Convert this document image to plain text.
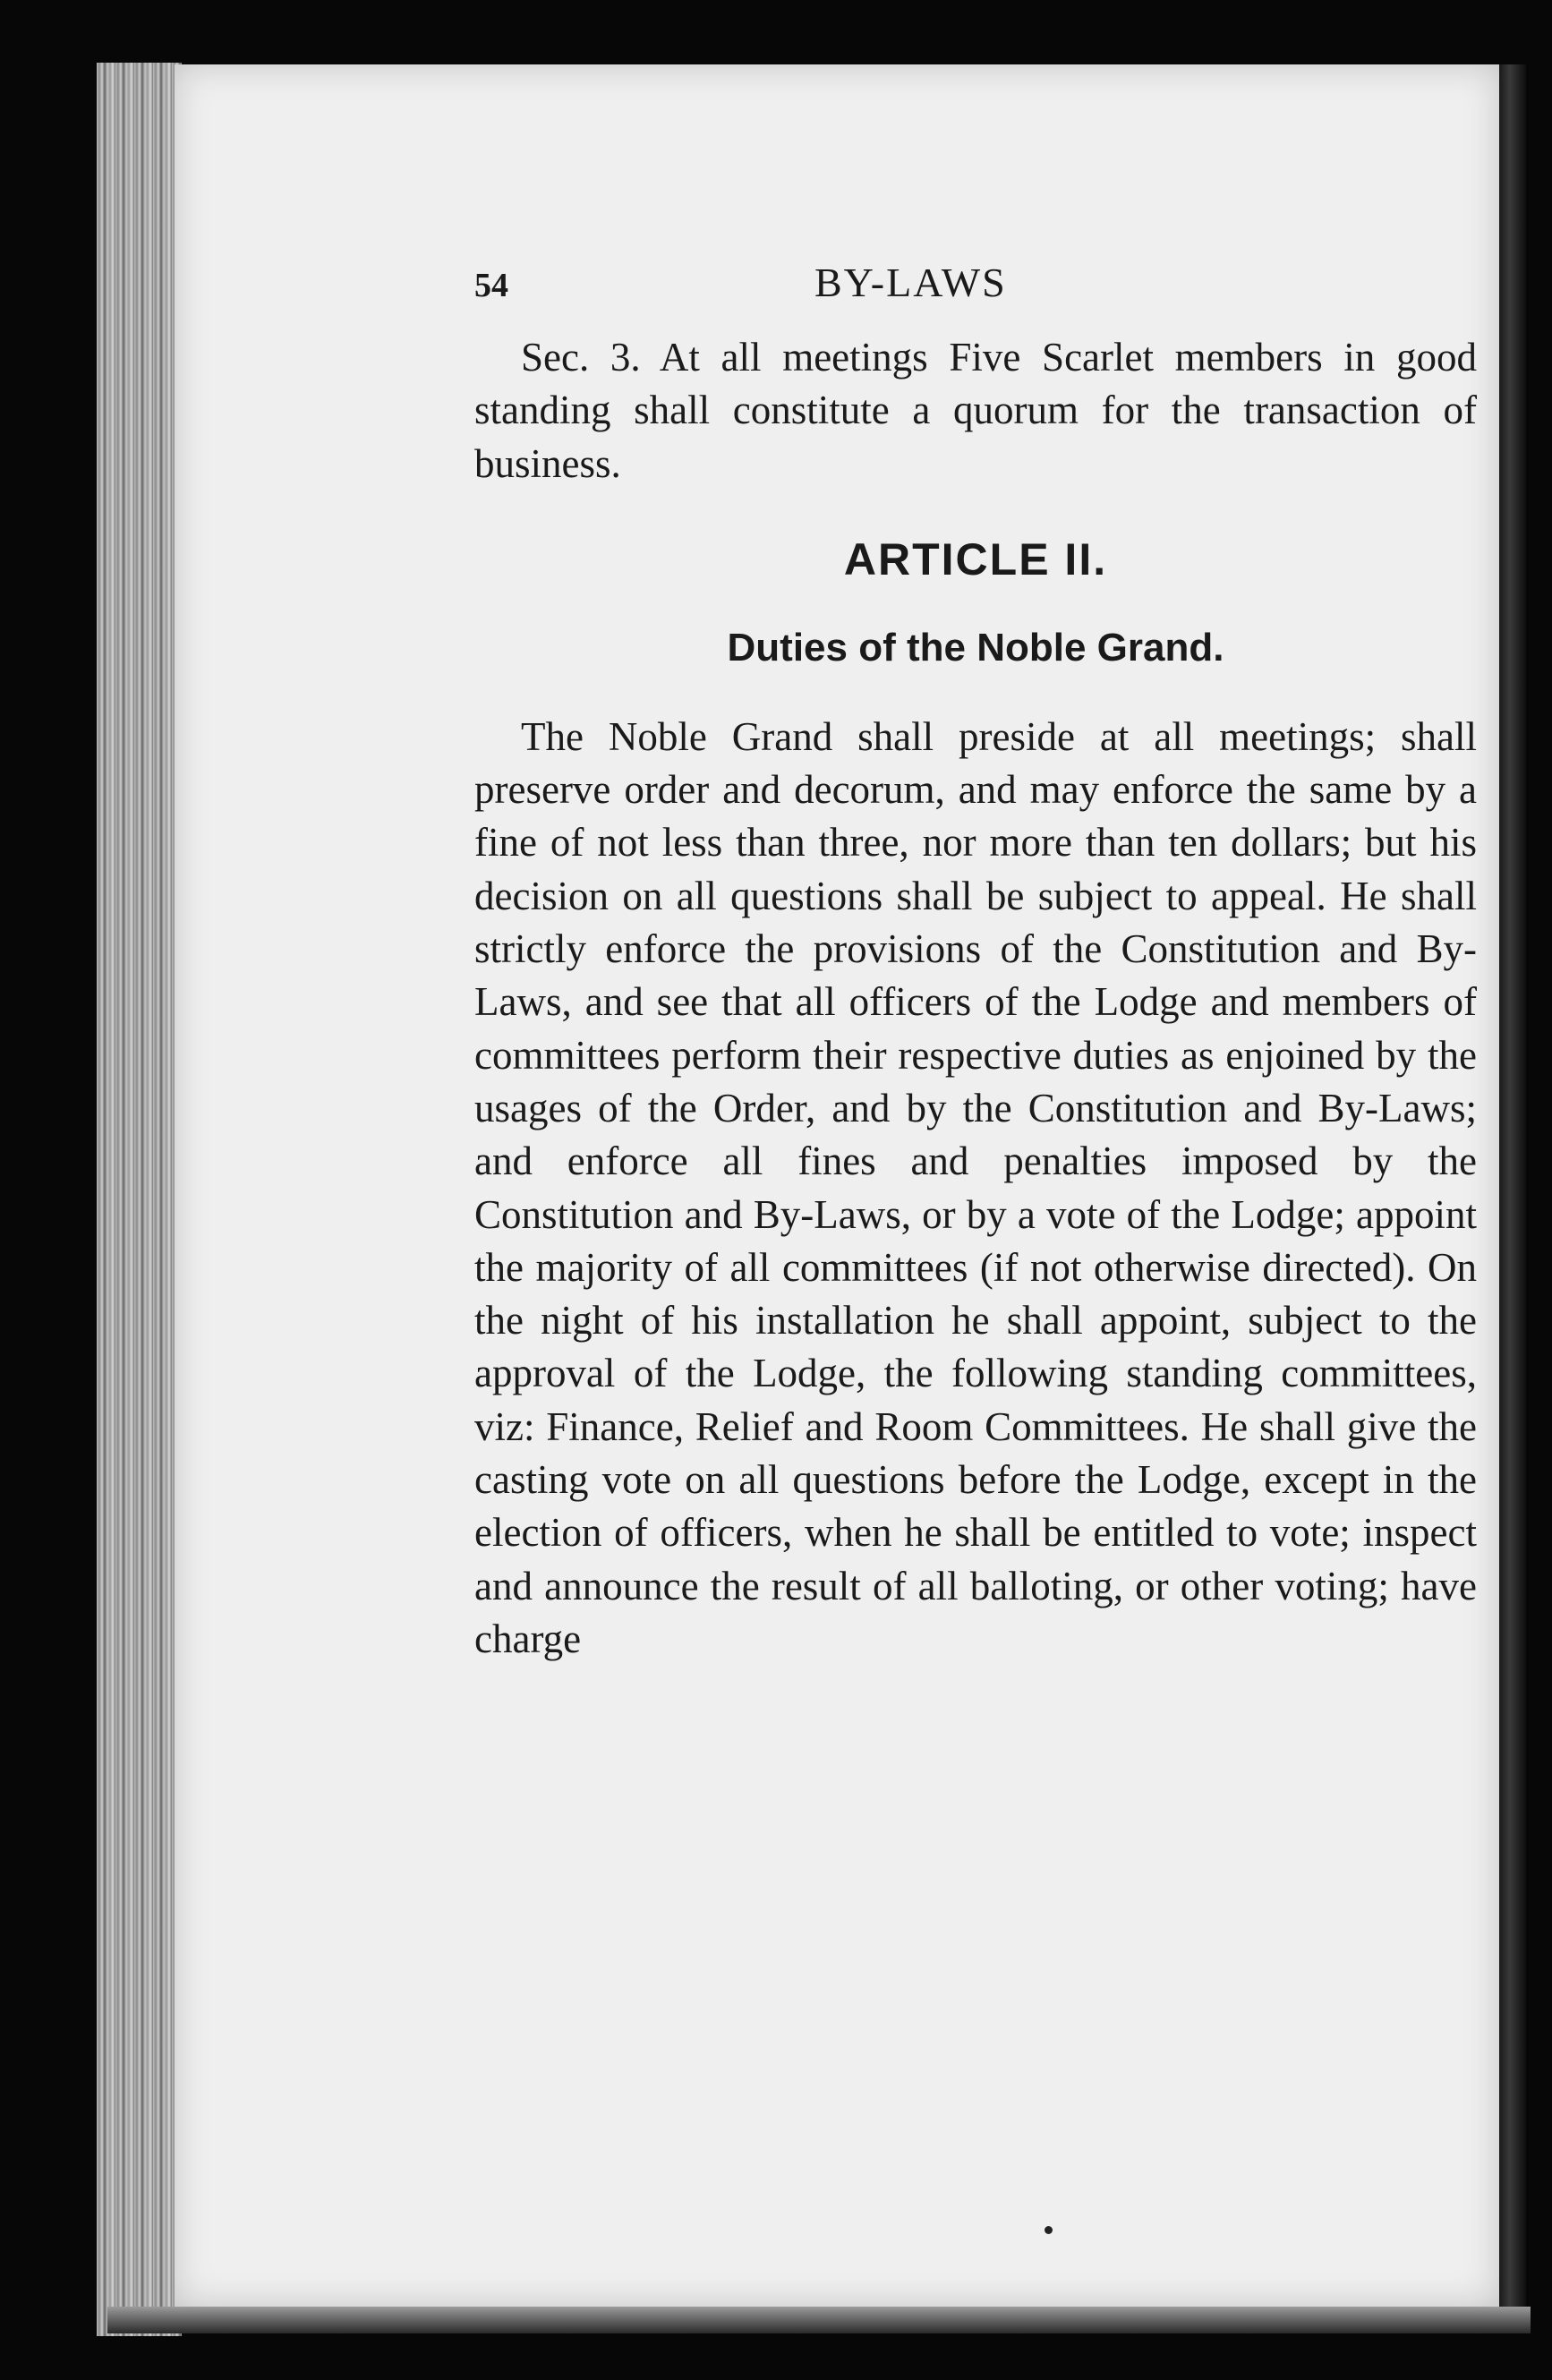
54	BY-LAWS

Sec. 3. At all meetings Five Scarlet members in good standing shall constitute a quorum for the transaction of business.

ARTICLE II.
Duties of the Noble Grand.

The Noble Grand shall preside at all meetings; shall preserve order and decorum, and may enforce the same by a fine of not less than three, nor more than ten dollars; but his decision on all questions shall be subject to appeal. He shall strictly enforce the provisions of the Constitution and By-Laws, and see that all officers of the Lodge and members of committees perform their respective duties as enjoined by the usages of the Order, and by the Constitution and By-Laws; and enforce all fines and penalties imposed by the Constitution and By-Laws, or by a vote of the Lodge; appoint the majority of all committees (if not otherwise directed). On the night of his installation he shall appoint, subject to the approval of the Lodge, the following standing committees, viz: Finance, Relief and Room Committees. He shall give the casting vote on all questions before the Lodge, except in the election of officers, when he shall be entitled to vote; inspect and announce the result of all balloting, or other voting; have charge
